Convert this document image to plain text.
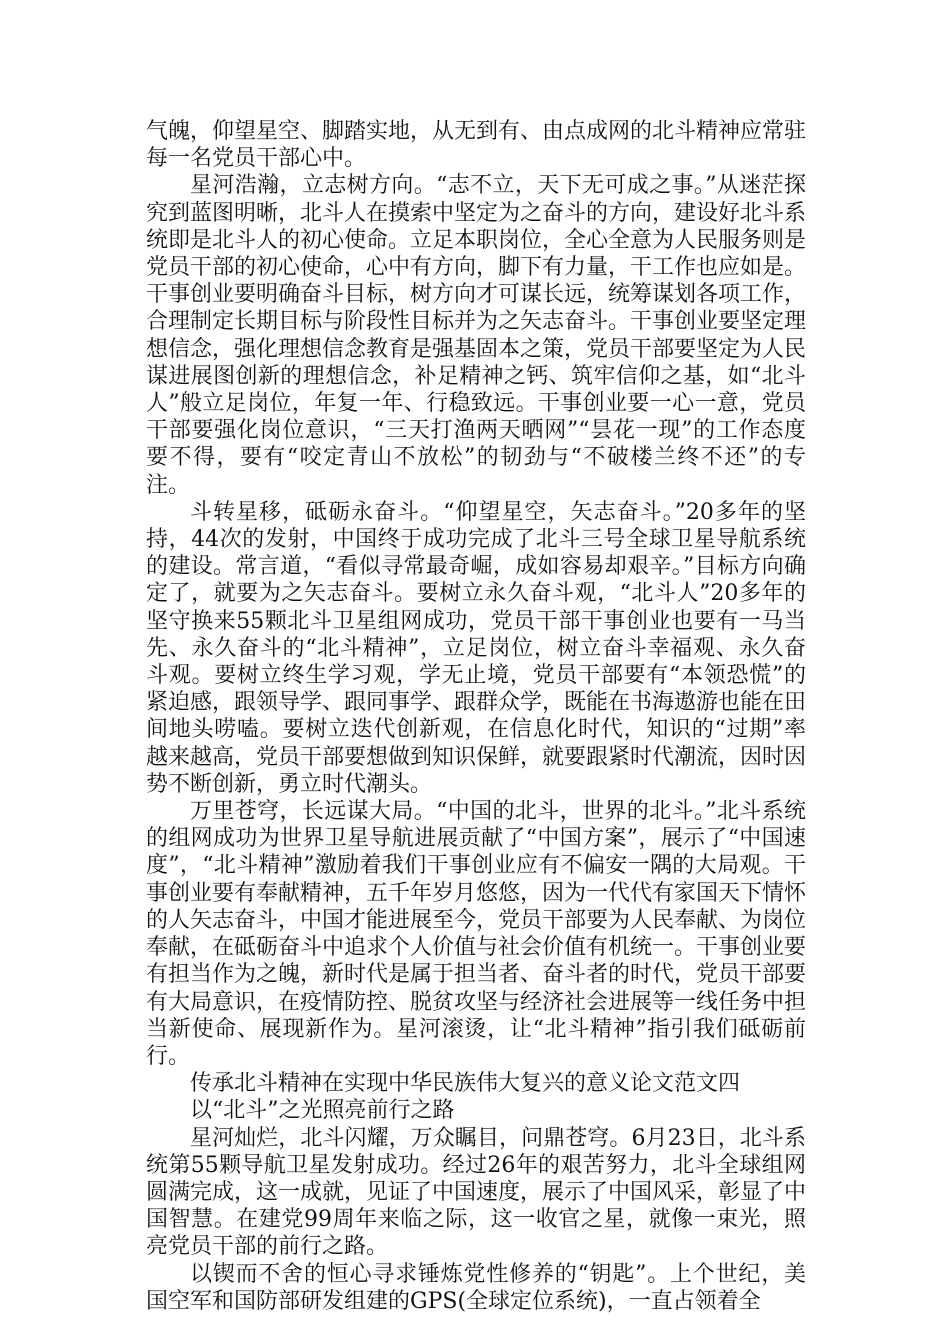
气魄，仰望星空、脚踏实地，从无到有、由点成网的北斗精神应常驻每一名党员干部心中。

星河浩瀚，立志树方向。“志不立，天下无可成之事。”从迷茫探究到蓝图明晰，北斗人在摸索中坚定为之奋斗的方向，建设好北斗系统即是北斗人的初心使命。立足本职岗位，全心全意为人民服务则是党员干部的初心使命，心中有方向，脚下有力量，干工作也应如是。干事创业要明确奋斗目标，树方向才可谋长远，统筹谋划各项工作，合理制定长期目标与阶段性目标并为之矢志奋斗。干事创业要坚定理想信念，强化理想信念教育是强基固本之策，党员干部要坚定为人民谋进展图创新的理想信念，补足精神之钙、筑牢信仰之基，如“北斗人”般立足岗位，年复一年、行稳致远。干事创业要一心一意，党员干部要强化岗位意识，“三天打渔两天晒网”“昙花一现”的工作态度要不得，要有“咬定青山不放松”的韧劲与“不破楼兰终不还”的专注。

斗转星移，砥砺永奋斗。“仰望星空，矢志奋斗。”20多年的坚持，44次的发射，中国终于成功完成了北斗三号全球卫星导航系统的建设。常言道，“看似寻常最奇崛，成如容易却艰辛。”目标方向确定了，就要为之矢志奋斗。要树立永久奋斗观，“北斗人”20多年的坚守换来55颗北斗卫星组网成功，党员干部干事创业也要有一马当先、永久奋斗的“北斗精神”，立足岗位，树立奋斗幸福观、永久奋斗观。要树立终生学习观，学无止境，党员干部要有“本领恐慌”的紧迫感，跟领导学、跟同事学、跟群众学，既能在书海遨游也能在田间地头唠嗑。要树立迭代创新观，在信息化时代，知识的“过期”率越来越高，党员干部要想做到知识保鲜，就要跟紧时代潮流，因时因势不断创新，勇立时代潮头。

万里苍穹，长远谋大局。“中国的北斗，世界的北斗。”北斗系统的组网成功为世界卫星导航进展贡献了“中国方案”，展示了“中国速度”，“北斗精神”激励着我们干事创业应有不偏安一隅的大局观。干事创业要有奉献精神，五千年岁月悠悠，因为一代代有家国天下情怀的人矢志奋斗，中国才能进展至今，党员干部要为人民奉献、为岗位奉献，在砥砺奋斗中追求个人价值与社会价值有机统一。干事创业要有担当作为之魄，新时代是属于担当者、奋斗者的时代，党员干部要有大局意识，在疫情防控、脱贫攻坚与经济社会进展等一线任务中担当新使命、展现新作为。星河滚烫，让“北斗精神”指引我们砥砺前行。

传承北斗精神在实现中华民族伟大复兴的意义论文范文四

以“北斗”之光照亮前行之路

星河灿烂，北斗闪耀，万众瞩目，问鼎苍穹。6月23日，北斗系统第55颗导航卫星发射成功。经过26年的艰苦努力，北斗全球组网圆满完成，这一成就，见证了中国速度，展示了中国风采，彰显了中国智慧。在建党99周年来临之际，这一收官之星，就像一束光，照亮党员干部的前行之路。

以锲而不舍的恒心寻求锤炼党性修养的“钥匙”。上个世纪，美国空军和国防部研发组建的GPS(全球定位系统)，一直占领着全
